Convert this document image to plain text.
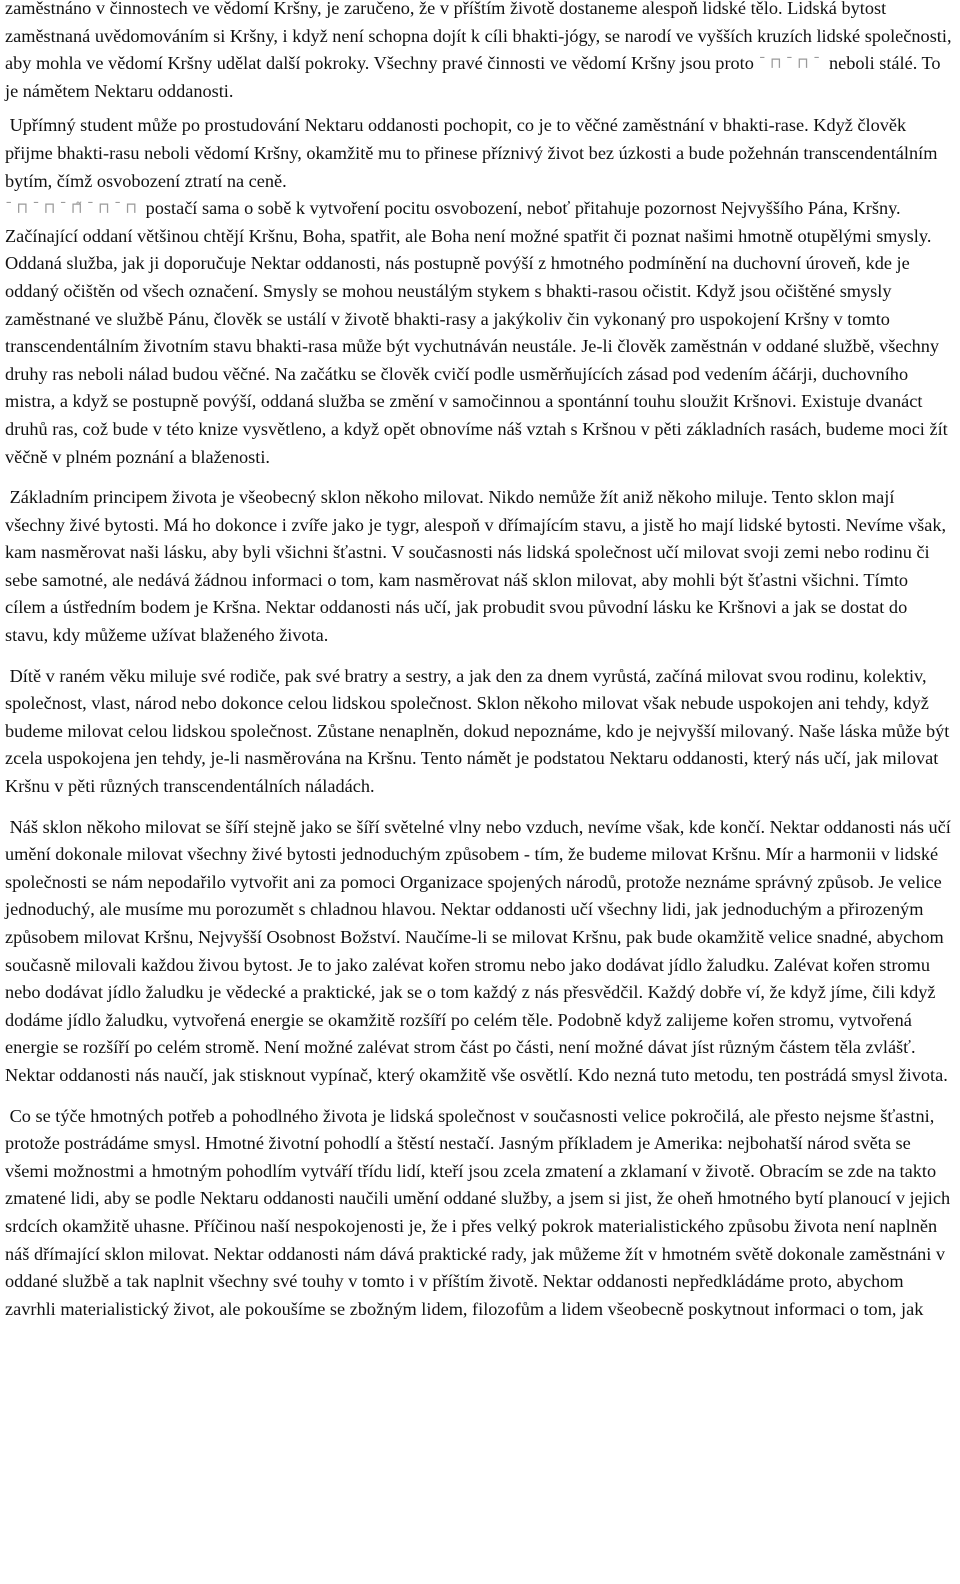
zaměstnáno v činnostech ve vědomí Kršny, je zaručeno, že v příštím životě dostaneme alespoň lidské tělo. Lidská bytost zaměstnaná uvědomováním si Kršny, i když není schopna dojít k cíli bhakti-jógy, se narodí ve vyšších kruzích lidské společnosti, aby mohla ve vědomí Kršny udělat další pokroky. Všechny pravé činnosti ve vědomí Kršny jsou proto ¯⊓¯⊓¯ neboli stálé. To je námětem Nektaru oddanosti.

Upřímný student může po prostudování Nektaru oddanosti pochopit, co je to věčné zaměstnání v bhakti-rase. Když člověk přijme bhakti-rasu neboli vědomí Kršny, okamžitě mu to přinese příznivý život bez úzkosti a bude požehnán transcendentálním bytím, čímž osvobození ztratí na ceně.
¯⊓¯⊓¯⊓̃¯⊓¯⊓ postačí sama o sobě k vytvoření pocitu osvobození, neboť přitahuje pozornost Nejvyššího Pána, Kršny. Začínající oddaní většinou chtějí Kršnu, Boha, spatřit, ale Boha není možné spatřit či poznat našimi hmotně otupělými smysly. Oddaná služba, jak ji doporučuje Nektar oddanosti, nás postupně povýší z hmotného podmínění na duchovní úroveň, kde je oddaný očištěn od všech označení. Smysly se mohou neustálým stykem s bhakti-rasou očistit. Když jsou očištěné smysly zaměstnané ve službě Pánu, člověk se ustálí v životě bhakti-rasy a jakýkoliv čin vykonaný pro uspokojení Kršny v tomto transcendentálním životním stavu bhakti-rasa může být vychutnáván neustále. Je-li člověk zaměstnán v oddané službě, všechny druhy ras neboli nálad budou věčné. Na začátku se člověk cvičí podle usměrňujících zásad pod vedením áčárji, duchovního mistra, a když se postupně povýší, oddaná služba se změní v samočinnou a spontánní touhu sloužit Kršnovi. Existuje dvanáct druhů ras, což bude v této knize vysvětleno, a když opět obnovíme náš vztah s Kršnou v pěti základních rasách, budeme moci žít věčně v plném poznání a blaženosti.

Základním principem života je všeobecný sklon někoho milovat. Nikdo nemůže žít aniž někoho miluje. Tento sklon mají všechny živé bytosti. Má ho dokonce i zvíře jako je tygr, alespoň v dřímajícím stavu, a jistě ho mají lidské bytosti. Nevíme však, kam nasměrovat naši lásku, aby byli všichni šťastni. V současnosti nás lidská společnost učí milovat svoji zemi nebo rodinu či sebe samotné, ale nedává žádnou informaci o tom, kam nasměrovat náš sklon milovat, aby mohli být šťastni všichni. Tímto cílem a ústředním bodem je Kršna. Nektar oddanosti nás učí, jak probudit svou původní lásku ke Kršnovi a jak se dostat do stavu, kdy můžeme užívat blaženého života.

Dítě v raném věku miluje své rodiče, pak své bratry a sestry, a jak den za dnem vyrůstá, začíná milovat svou rodinu, kolektiv, společnost, vlast, národ nebo dokonce celou lidskou společnost. Sklon někoho milovat však nebude uspokojen ani tehdy, když budeme milovat celou lidskou společnost. Zůstane nenaplněn, dokud nepoznáme, kdo je nejvyšší milovaný. Naše láska může být zcela uspokojena jen tehdy, je-li nasměrována na Kršnu. Tento námět je podstatou Nektaru oddanosti, který nás učí, jak milovat Kršnu v pěti různých transcendentálních náladách.

Náš sklon někoho milovat se šíří stejně jako se šíří světelné vlny nebo vzduch, nevíme však, kde končí. Nektar oddanosti nás učí umění dokonale milovat všechny živé bytosti jednoduchým způsobem - tím, že budeme milovat Kršnu. Mír a harmonii v lidské společnosti se nám nepodařilo vytvořit ani za pomoci Organizace spojených národů, protože neznáme správný způsob. Je velice jednoduchý, ale musíme mu porozumět s chladnou hlavou. Nektar oddanosti učí všechny lidi, jak jednoduchým a přirozeným způsobem milovat Kršnu, Nejvyšší Osobnost Božství. Naučíme-li se milovat Kršnu, pak bude okamžitě velice snadné, abychom současně milovali každou živou bytost. Je to jako zalévat kořen stromu nebo jako dodávat jídlo žaludku. Zalévat kořen stromu nebo dodávat jídlo žaludku je vědecké a praktické, jak se o tom každý z nás přesvědčil. Každý dobře ví, že když jíme, čili když dodáme jídlo žaludku, vytvořená energie se okamžitě rozšíří po celém těle. Podobně když zalijeme kořen stromu, vytvořená energie se rozšíří po celém stromě. Není možné zalévat strom část po části, není možné dávat jíst různým částem těla zvlášť. Nektar oddanosti nás naučí, jak stisknout vypínač, který okamžitě vše osvětlí. Kdo nezná tuto metodu, ten postrádá smysl života.

Co se týče hmotných potřeb a pohodlného života je lidská společnost v současnosti velice pokročilá, ale přesto nejsme šťastni, protože postrádáme smysl. Hmotné životní pohodlí a štěstí nestačí. Jasným příkladem je Amerika: nejbohatší národ světa se všemi možnostmi a hmotným pohodlím vytváří třídu lidí, kteří jsou zcela zmatení a zklamaní v životě. Obracím se zde na takto zmatené lidi, aby se podle Nektaru oddanosti naučili umění oddané služby, a jsem si jist, že oheň hmotného bytí planoucí v jejich srdcích okamžitě uhasne. Příčinou naší nespokojenosti je, že i přes velký pokrok materialistického způsobu života není naplněn náš dřímající sklon milovat. Nektar oddanosti nám dává praktické rady, jak můžeme žít v hmotném světě dokonale zaměstnáni v oddané službě a tak naplnit všechny své touhy v tomto i v příštím životě. Nektar oddanosti nepředkládáme proto, abychom zavrhli materialistický život, ale pokoušíme se zbožným lidem, filozofům a lidem všeobecně poskytnout informaci o tom, jak
